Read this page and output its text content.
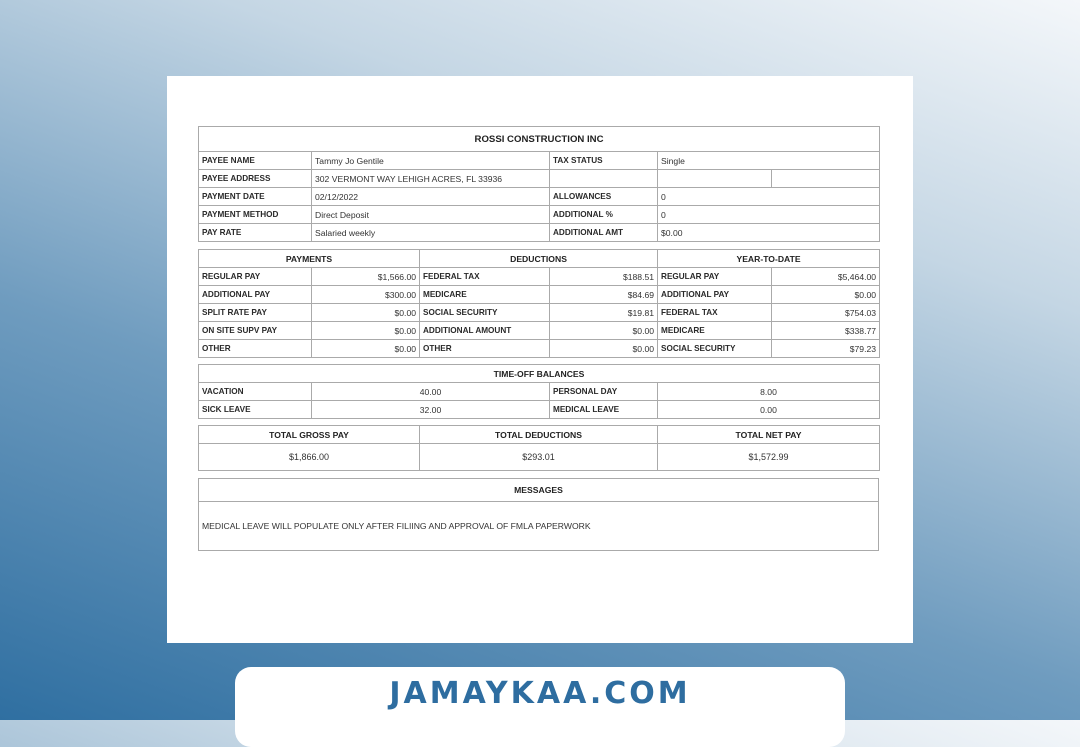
ROSSI CONSTRUCTION INC				
PAYEE NAME	Tammy Jo Gentile	TAX STATUS	Single	
PAYEE ADDRESS	302 VERMONT WAY LEHIGH ACRES, FL 33936			
PAYMENT DATE	02/12/2022	ALLOWANCES	0	
PAYMENT METHOD	Direct Deposit	ADDITIONAL %	0	
PAY RATE	Salaried weekly	ADDITIONAL AMT	$0.00	
PAYMENTS		DEDUCTIONS		YEAR-TO-DATE	
REGULAR PAY	$1,566.00	FEDERAL TAX	$188.51	REGULAR PAY	$5,464.00
ADDITIONAL PAY	$300.00	MEDICARE	$84.69	ADDITIONAL PAY	$0.00
SPLIT RATE PAY	$0.00	SOCIAL SECURITY	$19.81	FEDERAL TAX	$754.03
ON SITE SUPV PAY	$0.00	ADDITIONAL AMOUNT	$0.00	MEDICARE	$338.77
OTHER	$0.00	OTHER	$0.00	SOCIAL SECURITY	$79.23
TIME-OFF BALANCES			
VACATION	40.00	PERSONAL DAY	8.00
SICK LEAVE	32.00	MEDICAL LEAVE	0.00
TOTAL GROSS PAY	TOTAL DEDUCTIONS	TOTAL NET PAY
$1,866.00	$293.01	$1,572.99
MESSAGES
MEDICAL LEAVE WILL POPULATE ONLY AFTER FILIING AND APPROVAL OF FMLA PAPERWORK
JAMAYKAA.COM
